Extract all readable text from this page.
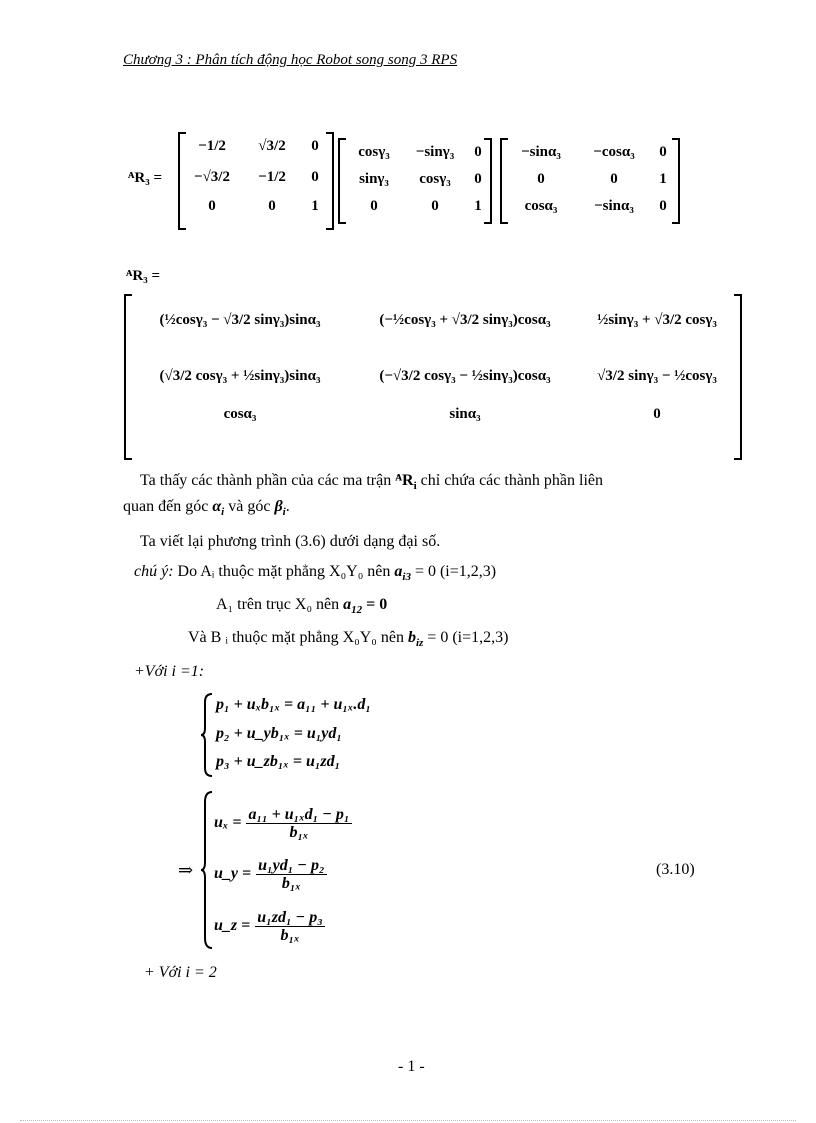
Chương 3 : Phân tích động học Robot song song 3 RPS
ᴬR₃ =
−1/2	√3/2	0
−√3/2	−1/2	0
0	0	1
cosγ₃	−sinγ₃	0
sinγ₃	cosγ₃	0
0	0	1
−sinα₃	−cosα₃	0
0	0	1
cosα₃	−sinα₃	0
ᴬR₃ =
(½cosγ₃ − √3/2 sinγ₃)sinα₃	(−½cosγ₃ + √3/2 sinγ₃)cosα₃	½sinγ₃ + √3/2 cosγ₃
(√3/2 cosγ₃ + ½sinγ₃)sinα₃	(−√3/2 cosγ₃ − ½sinγ₃)cosα₃	√3/2 sinγ₃ − ½cosγ₃
cosα₃	sinα₃	0
Ta thấy các thành phần của các ma trận ᴬR$_i$ chỉ chứa các thành phần liên
quan đến góc $\alpha_i$ và góc $\beta_i$.
Ta viết lại phương trình (3.6) dưới dạng đại số.
chú ý: Do Aᵢ thuộc mặt phẳng X₀Y₀ nên $a_{i3} = 0$ (i=1,2,3)
A₁ trên trục X₀ nên $a_{12} = 0$
Và B ᵢ thuộc mặt phẳng X₀Y₀ nên $b_{iz} = 0$ (i=1,2,3)
+Với i =1:
p₁ + uₓb₁ₓ = a₁₁ + u₁ₓ.d₁
p₂ + u_yb₁ₓ = u₁yd₁
p₃ + u_zb₁ₓ = u₁zd₁
⇒
$u_x = \frac{\text{a₁₁ + u₁ₓd₁ − p₁}}{\text{b₁ₓ}}$
u_y = $\frac{\text{u₁yd₁ − p₂}}{\text{b₁ₓ}}$
u_z = $\frac{\text{u₁zd₁ − p₃}}{\text{b₁ₓ}}$
(3.10)
+ Với i = 2
- 1 -
